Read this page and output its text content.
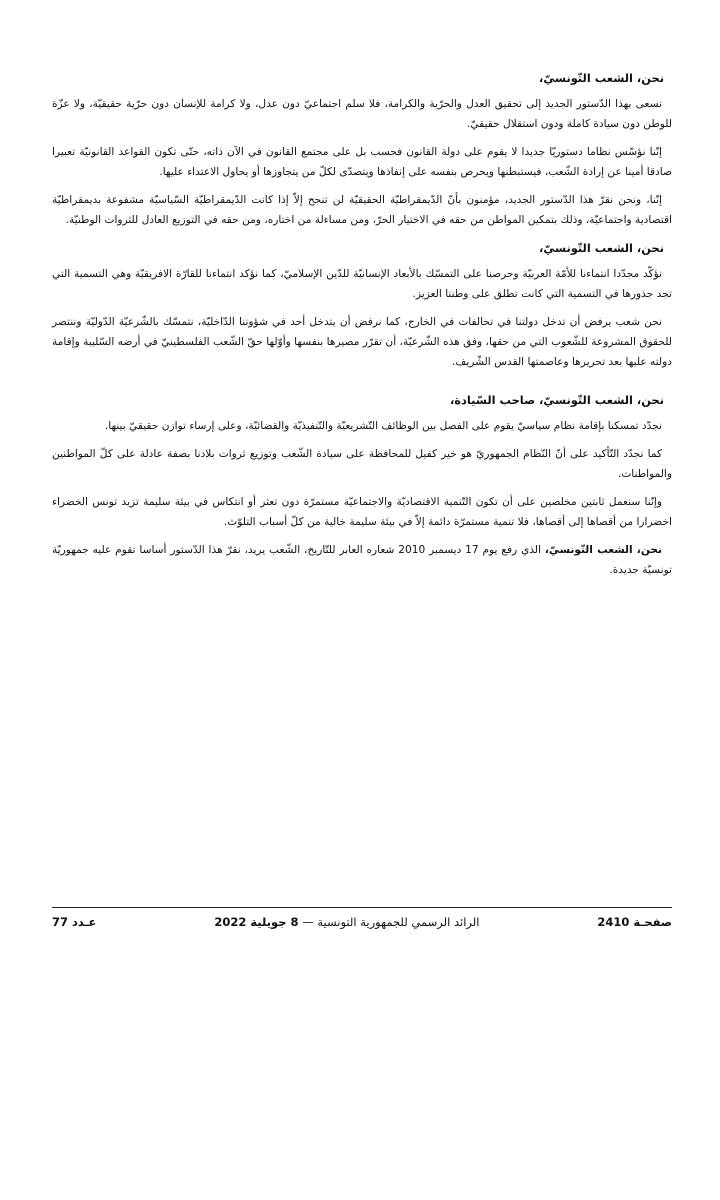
نحن، الشعب التّونسيّ،

نسعى بهذا الدّستور الجديد إلى تحقيق العدل والحرّية والكرامة، فلا سلم اجتماعيّ دون عدل، ولا كرامة للإنسان دون حرّية حقيقيّة، ولا عزّة للوطن دون سيادة كاملة ودون استقلال حقيقيّ.

إنّنا نؤسّس نظاما دستوريّا جديدا لا يقوم على دولة القانون فحسب بل على مجتمع القانون في الآن ذاته، حتّى تكون القواعد القانونيّة تعبيرا صادقا أمينا عن إرادة الشّعب، فيستبطنها ويحرص بنفسه على إنفاذها ويتصدّى لكلّ من يتجاوزها أو يحاول الاعتداء عليها.

إنّنا، ونحن نقرّ هذا الدّستور الجديد، مؤمنون بأنّ الدّيمقراطيّة الحقيقيّة لن تنجح إلاّ إذا كانت الدّيمقراطيّة السّياسيّة مشفوعة بديمقراطيّة اقتصادية واجتماعيّة، وذلك بتمكين المواطن من حقه في الاختيار الحرّ، ومن مساءلة من اختاره، ومن حقه في التوزيع العادل للثروات الوطنيّة.

نحن، الشعب التّونسيّ،

نؤكّد مجدّدا انتماءنا للأمّة العربيّة وحرصنا على التمسّك بالأبعاد الإنسانيّة للدّين الإسلاميّ، كما نؤكد انتماءنا للقارّة الافريقيّة وهي التسمية التي تجد جذورها في التسمية التي كانت تطلق على وطننا العزيز.

نحن شعب يرفض أن تدخل دولتنا في تحالفات في الخارج، كما نرفض أن يتدخل أحد في شؤوننا الدّاخليّة، نتمسّك بالشّرعيّة الدّوليّة وننتصر للحقوق المشروعة للشّعوب التي من حقها، وفق هذه الشّرعيّة، أن تقرّر مصيرها بنفسها وأوّلها حقّ الشّعب الفلسطينيّ في أرضه السّليبة وإقامة دولته عليها بعد تحريرها وعاصمتها القدس الشّريف.

نحن، الشعب التّونسيّ، صاحب السّيادة،

نجدّد تمسكنا بإقامة نظام سياسيّ يقوم على الفصل بين الوظائف التّشريعيّة والتّنفيذيّة والقضائيّة، وعلى إرساء توازن حقيقيّ بينها.

كما نجدّد التّأكيد على أنّ النّظام الجمهوريّ هو خير كفيل للمحافظة على سيادة الشّعب وتوزيع ثروات بلادنا بصفة عادلة على كلّ المواطنين والمواطنات.

وإنّنا سنعمل ثابتين مخلصين على أن تكون التّنمية الاقتصاديّة والاجتماعيّة مستمرّة دون تعثر أو انتكاس في بيئة سليمة تزيد تونس الخضراء اخضرارا من أقصاها إلى أقصاها، فلا تنمية مستمرّة دائمة إلاّ في بيئة سليمة خالية من كلّ أسباب التلوّث.

نحن، الشعب التّونسيّ، الذي رفع يوم 17 ديسمبر 2010 شعاره العابر للتّاريخ، الشّعب يريد، نقرّ هذا الدّستور أساسا تقوم عليه جمهوريّة تونسيّة جديدة.

صفحـة 2410
الرائد الرسمي للجمهورية التونسية — 8 جويلية 2022
عـدد 77
